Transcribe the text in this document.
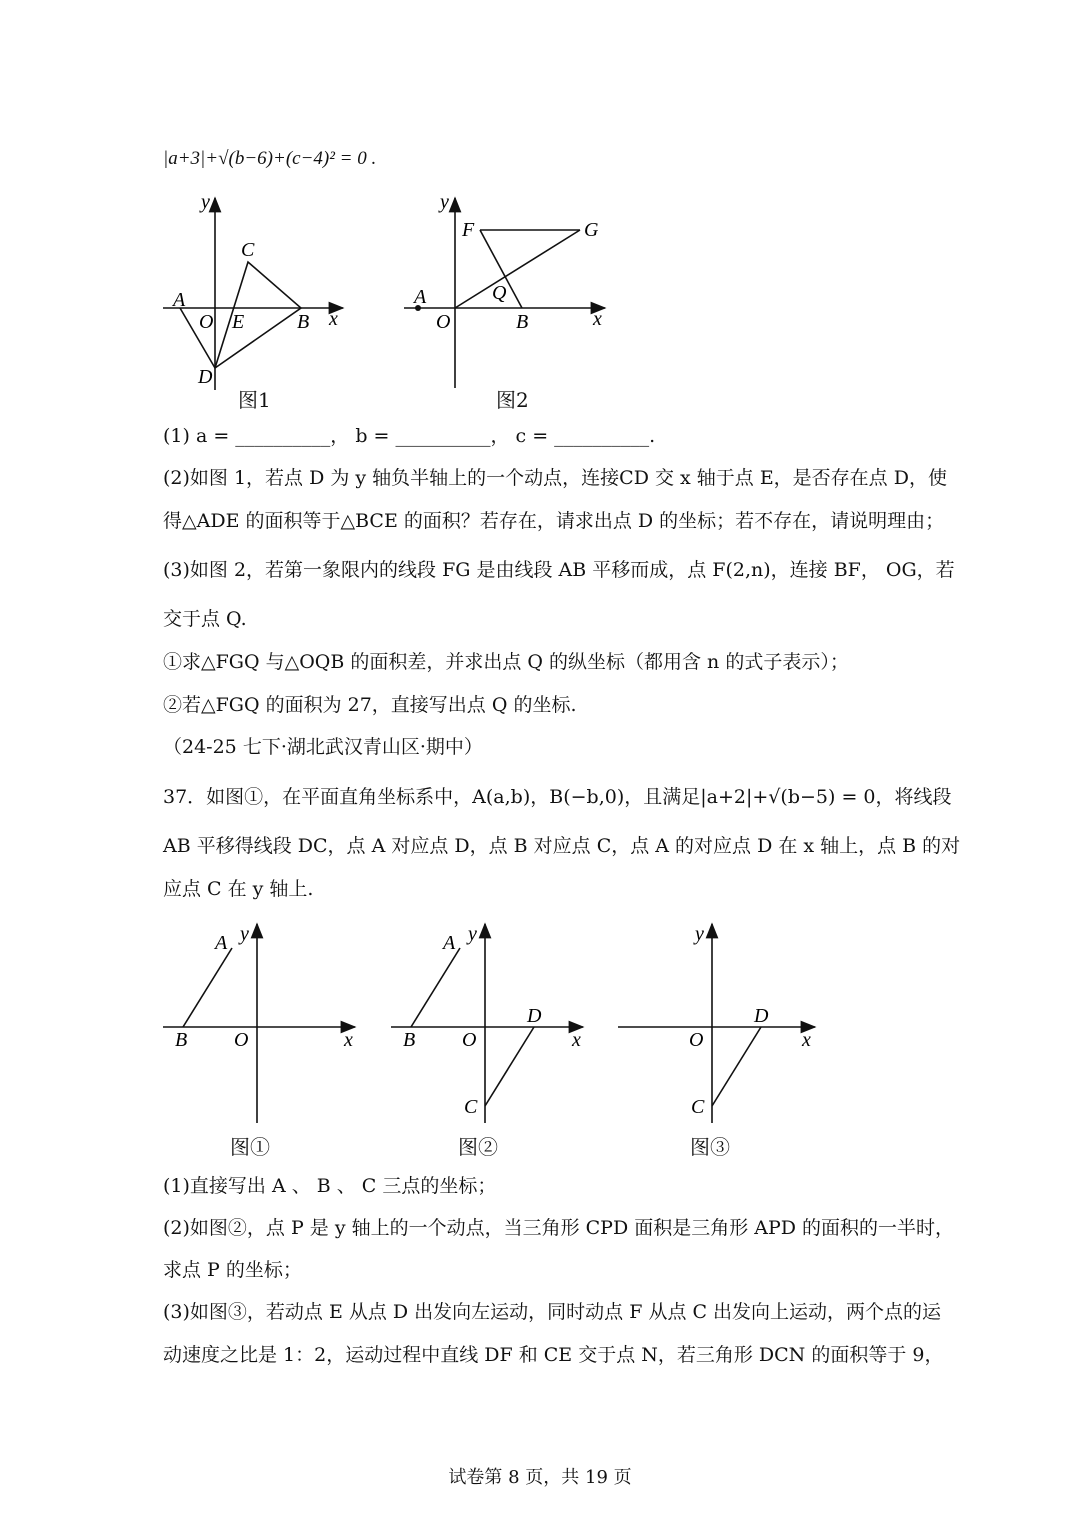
|a+3|+√(b−6)+(c−4)² = 0 .
y
x
O
A
C
E	B
D
图1
y
x
O
F	G
A	Q
B
图2
(1) a = __________， b = __________， c = __________.
(2)如图 1，若点 D 为 y 轴负半轴上的一个动点，连接CD 交 x 轴于点 E，是否存在点 D，使
得△ADE 的面积等于△BCE 的面积？若存在，请求出点 D 的坐标；若不存在，请说明理由；
(3)如图 2，若第一象限内的线段 FG 是由线段 AB 平移而成，点 F(2,n)，连接 BF， OG，若
交于点 Q.
①求△FGQ 与△OQB 的面积差，并求出点 Q 的纵坐标（都用含 n 的式子表示）；
②若△FGQ 的面积为 27，直接写出点 Q 的坐标.
（24-25 七下·湖北武汉青山区·期中）
37．如图①，在平面直角坐标系中，A(a,b)，B(−b,0)，且满足|a+2|+√(b−5) = 0，将线段
AB 平移得线段 DC，点 A 对应点 D，点 B 对应点 C，点 A 的对应点 D 在 x 轴上，点 B 的对
应点 C 在 y 轴上.
y
x
O
A
B
图①
y
x
O
A
B
D
C
图②
y
x
O
D
C
图③
(1)直接写出 A 、 B 、 C 三点的坐标；
(2)如图②，点 P 是 y 轴上的一个动点，当三角形 CPD 面积是三角形 APD 的面积的一半时，
求点 P 的坐标；
(3)如图③，若动点 E 从点 D 出发向左运动，同时动点 F 从点 C 出发向上运动，两个点的运
动速度之比是 1：2，运动过程中直线 DF 和 CE 交于点 N，若三角形 DCN 的面积等于 9，
试卷第 8 页，共 19 页
